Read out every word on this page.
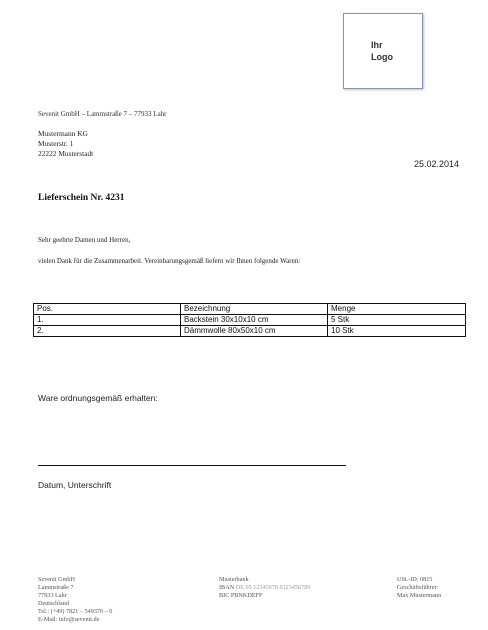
Ihr
Logo
Sevenit GmbH – Lammstraße 7 – 77933 Lahr
Mustermann KG
Musterstr. 1
22222 Musterstadt
25.02.2014
Lieferschein Nr. 4231
Sehr geehrte Damen und Herren,
vielen Dank für die Zusammenarbeit. Vereinbarungsgemäß liefern wir Ihnen folgende Waren:
Pos.	Bezeichnung	Menge
1.	Backstein 30x10x10 cm	5 Stk
2.	Dämmwolle 80x50x10 cm	10 Stk
Ware ordnungsgemäß erhalten:
Datum, Unterschrift
Sevenit GmbH
Lammstraße 7
77933 Lahr
Deutschland
Tel.: (+49) 7821 – 549370 – 0
E-Mail: info@sevenit.de
Musterbank
IBAN DE 05 12345678 0123456789
BIC PBNKDEFF
USt.-ID: 0815
Geschäftsführer:
Max Mustermann
